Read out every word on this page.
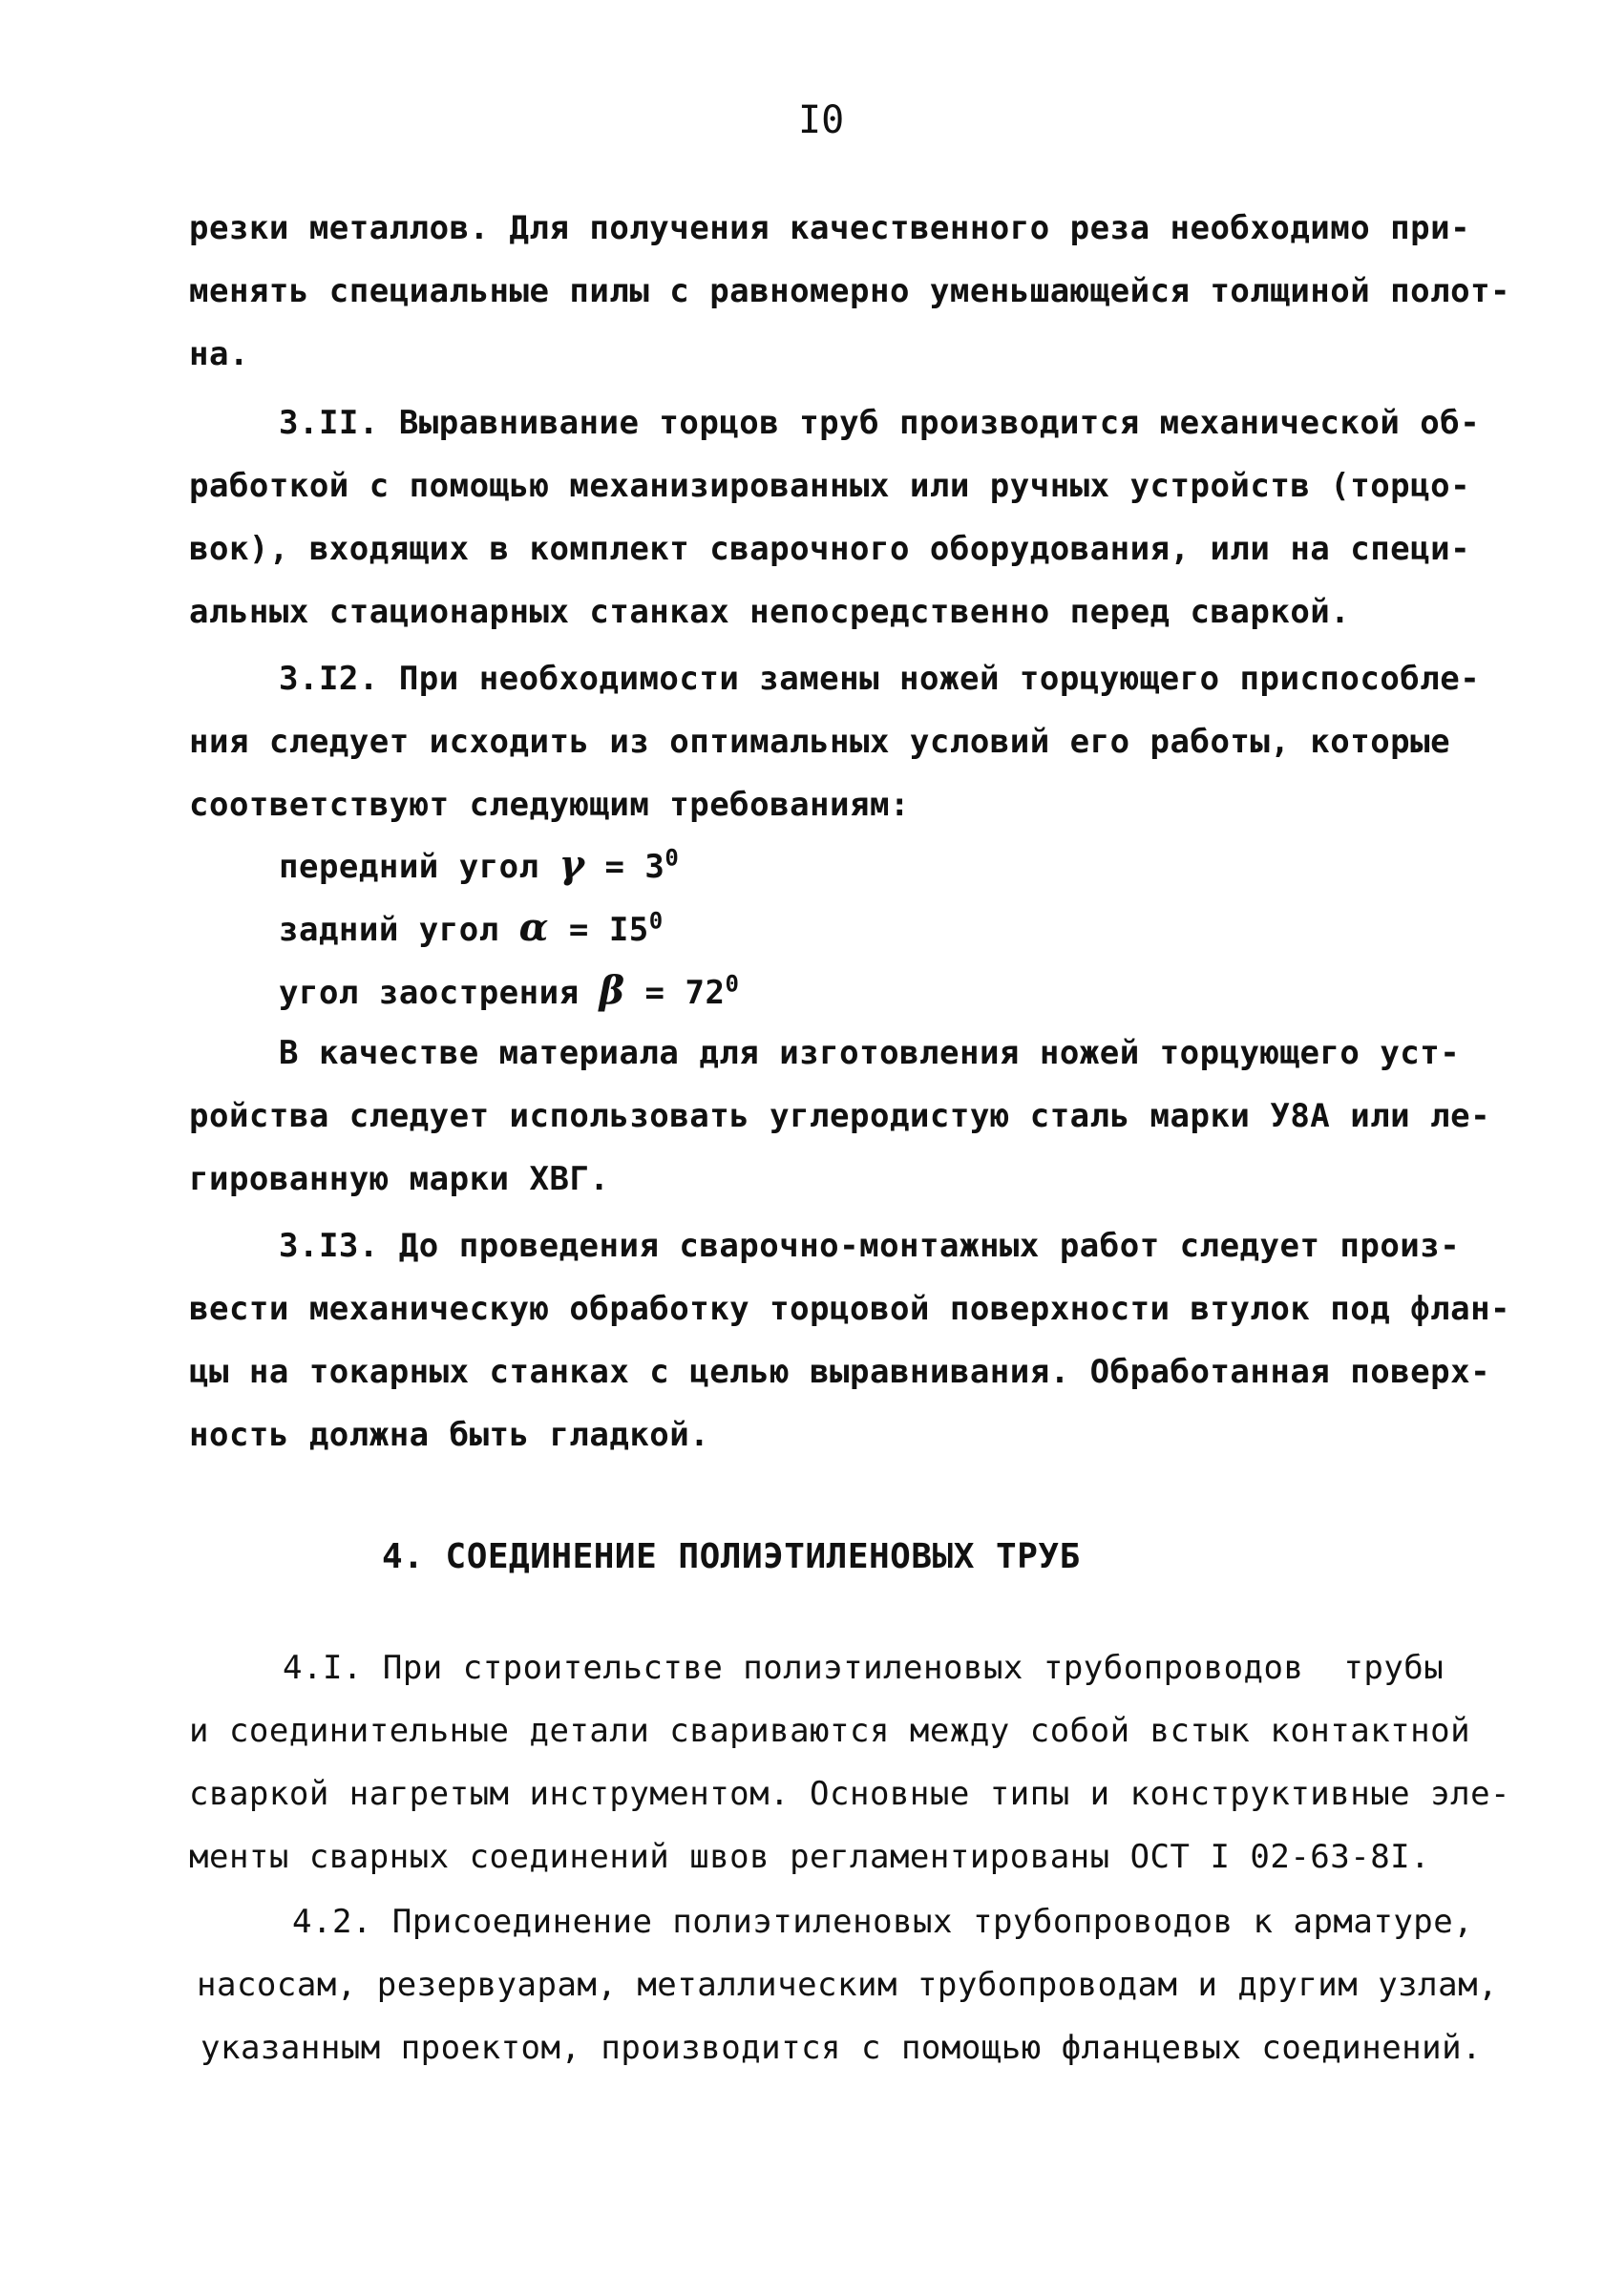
I0
резки металлов. Для получения качественного реза необходимо при-
менять специальные пилы с равномерно уменьшающейся толщиной полот-
на.
3.II. Выравнивание торцов труб производится механической об-
работкой с помощью механизированных или ручных устройств (торцо-
вок), входящих в комплект сварочного оборудования, или на специ-
альных стационарных станках непосредственно перед сваркой.
3.I2. При необходимости замены ножей торцующего приспособле-
ния следует исходить из оптимальных условий его работы, которые
соответствуют следующим требованиям:
передний угол $\gamma = 3^0$
задний угол $\alpha = I5^0$
угол заострения $\beta = 72^0$
В качестве материала для изготовления ножей торцующего уст-
ройства следует использовать углеродистую сталь марки У8А или ле-
гированную марки ХВГ.
3.I3. До проведения сварочно-монтажных работ следует произ-
вести механическую обработку торцовой поверхности втулок под флан-
цы на токарных станках с целью выравнивания. Обработанная поверх-
ность должна быть гладкой.
4. СОЕДИНЕНИЕ ПОЛИЭТИЛЕНОВЫХ ТРУБ
4.I. При строительстве полиэтиленовых трубопроводов  трубы
и соединительные детали свариваются между собой встык контактной
сваркой нагретым инструментом. Основные типы и конструктивные эле-
менты сварных соединений швов регламентированы ОСТ I 02-63-8I.
4.2. Присоединение полиэтиленовых трубопроводов к арматуре,
насосам, резервуарам, металлическим трубопроводам и другим узлам,
указанным проектом, производится с помощью фланцевых соединений.
